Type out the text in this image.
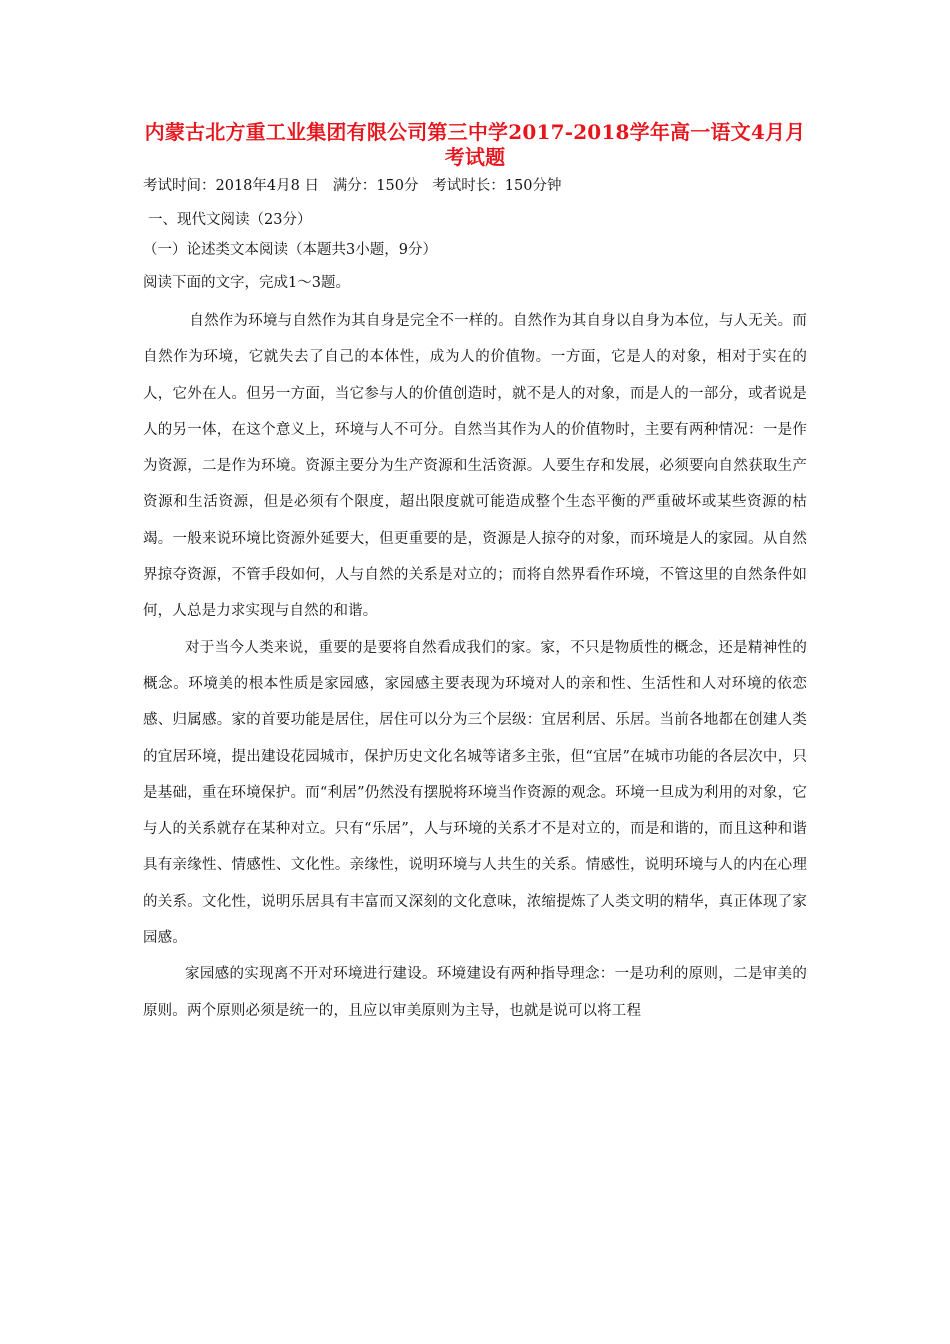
内蒙古北方重工业集团有限公司第三中学2017-2018学年高一语文4月月考试题
考试时间：2018年4月8 日   满分：150分   考试时长：150分钟
一、现代文阅读（23分）
（一）论述类文本阅读（本题共3小题，9分）
阅读下面的文字，完成1～3题。

自然作为环境与自然作为其自身是完全不一样的。自然作为其自身以自身为本位，与人无关。而自然作为环境，它就失去了自己的本体性，成为人的价值物。一方面，它是人的对象，相对于实在的人，它外在人。但另一方面，当它参与人的价值创造时，就不是人的对象，而是人的一部分，或者说是人的另一体，在这个意义上，环境与人不可分。自然当其作为人的价值物时，主要有两种情况：一是作为资源，二是作为环境。资源主要分为生产资源和生活资源。人要生存和发展，必须要向自然获取生产资源和生活资源，但是必须有个限度，超出限度就可能造成整个生态平衡的严重破坏或某些资源的枯竭。一般来说环境比资源外延要大，但更重要的是，资源是人掠夺的对象，而环境是人的家园。从自然界掠夺资源，不管手段如何，人与自然的关系是对立的；而将自然界看作环境，不管这里的自然条件如何，人总是力求实现与自然的和谐。

对于当今人类来说，重要的是要将自然看成我们的家。家，不只是物质性的概念，还是精神性的概念。环境美的根本性质是家园感，家园感主要表现为环境对人的亲和性、生活性和人对环境的依恋感、归属感。家的首要功能是居住，居住可以分为三个层级：宜居利居、乐居。当前各地都在创建人类的宜居环境，提出建设花园城市，保护历史文化名城等诸多主张，但“宜居”在城市功能的各层次中，只是基础，重在环境保护。而“利居”仍然没有摆脱将环境当作资源的观念。环境一旦成为利用的对象，它与人的关系就存在某种对立。只有“乐居”，人与环境的关系才不是对立的，而是和谐的，而且这种和谐具有亲缘性、情感性、文化性。亲缘性，说明环境与人共生的关系。情感性，说明环境与人的内在心理的关系。文化性，说明乐居具有丰富而又深刻的文化意味，浓缩提炼了人类文明的精华，真正体现了家园感。

家园感的实现离不开对环境进行建设。环境建设有两种指导理念：一是功利的原则，二是审美的原则。两个原则必须是统一的，且应以审美原则为主导，也就是说可以将工程
